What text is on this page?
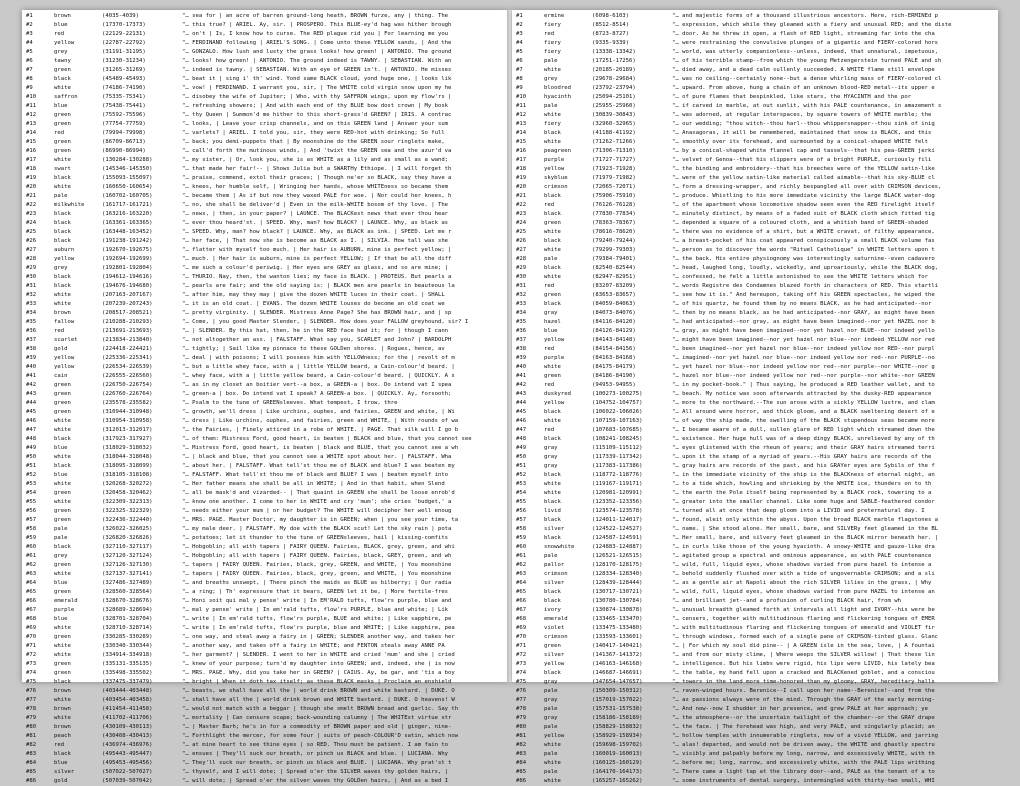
#1	brown	(4035-4039)	"… sea for | an acre of barren ground-long heath, BROWN furze, any | thing. The
#2	blue	(17370-17373)	"… this true? | ARIEL. Ay, sir. | PROSPERO. This BLUE-ey'd hag was hither brough
#3	red	(22129-22131)	"… on't | Is, I know how to curse. The RED plague rid you | For learning me you
#4	yellow	(22787-22792)	"… FERDINAND following | ARIEL'S SONG. | Come unto these YELLOW sands, | And the
#5	grey	(31191-31195)	"… GONZALO. How lush and lusty the grass looks! how green! | ANTONIO. The ground
#6	tawny	(31230-31234)	"… looks! how green! | ANTONIO. The ground indeed is TAWNY. | SEBASTIAN. With an
#7	green	(31265-31269)	"… indeed is tawny. | SEBASTIAN. With an eye of GREEN in't. | ANTONIO. He misses
#8	black	(45489-45493)	"… beat it | sing i' th' wind. Yond same BLACK cloud, yond huge one, | looks lik
#9	white	(74186-74190)	"… vow! | FERDINAND. I warrant you, sir, | The WHITE cold virgin snow upon my he
#10	saffron	(75335-75341)	"… disobey the wife of Jupiter; | Who, with thy SAFFRON wings, upon my flow'rs |
#11	blue	(75438-75441)	"… refreshing showers; | And with each end of thy BLUE bow dost crown | My bosk
#12	green	(75592-75596)	"… thy Queen | Summon'd me hither to this short-grass'd GREEN? | IRIS. A contrac
#13	green	(77754-77759)	"… looks, | Leave your crisp channels, and on this GREEN land | Answer your sum
#14	red	(79994-79998)	"… varlets? | ARIEL. I told you, sir, they were RED-hot with drinking; So full
#15	green	(86709-86713)	"… back; you demi-puppets that | By moonshine do the GREEN sour ringlets make,
#16	green	(86990-86994)	"… call'd forth the mutinous winds, | And 'twixt the GREEN sea and the azur'd va
#17	white	(130284-130288)	"… my sister, | Or, look you, she is as WHITE as a lily and as small as a wand;
#18	swart	(145346-145350)	"… that made her fair!-- | Shows Julia but a SWARTHy Ethiope. | I will forget th
#19	black	(155093-155097)	"… praise, commend, extol their graces; | Though ne'er so BLACK, say they have a
#20	white	(160650-160654)	"… knees, her humble self, | Wringing her hands, whose WHITEness so became them
#21	pale	(160702-160705)	"… became them | As if but now they waxed PALE for woe. | Nor could her knees, h
#22	milkwhite	(161717-161721)	"… no, she shall be deliver'd | Even in the milk-WHITE bosom of thy love. | The
#23	black	(163216-163220)	"… news, | then, in your paper? | LAUNCE. The BLACKest news that ever thou hear
#24	black	(163361-163365)	"… ever thou heard'st. | SPEED. Why, man? how BLACK? | LAUNCE. Why, as black as
#25	black	(163448-163452)	"… SPEED. Why, man? how black? | LAUNCE. Why, as BLACK as ink. | SPEED. Let me r
#26	black	(191238-191242)	"… her face, | That now she is become as BLACK as I. | SILVIA. How tall was she
#27	auburn	(192670-192675)	"… flatter with myself too much. | Her hair is AUBURN, mine is perfect yellow; |
#28	yellow	(192694-192699)	"… much. | Her hair is auburn, mine is perfect YELLOW; | If that be all the diff
#29	grey	(192801-192804)	"… me such a colour'd periwig. | Her eyes are GREY as glass, and so are mine; |
#30	black	(194612-194616)	"… THURIO. Nay, then, the wanton lies; my face is BLACK. | PROTEUS. But pearls a
#31	black	(194676-194680)	"… pearls are fair; and the old saying is: | BLACK men are pearls in beauteous la
#32	white	(207163-207167)	"… after him, may they may | give the dozen WHITE luces in their coat. | SHALL
#33	white	(207239-207243)	"… it is an old coat. | EVANS. The dozen WHITE louses do become an old coat we
#34	brown	(208517-208521)	"… pretty virginity. | SLENDER. Mistress Anne Page? She has BROWN hair, and | sp
#35	fallow	(210288-210293)	"… Come, | you good Master Slender, | SLENDER. How does your FALLOW greyhound, sir? I
#36	red	(213691-213693)	"… | SLENDER. By this hat, then, he in the RED face had it; for | though I cann
#37	scarlet	(213834-213840)	"… not altogether an ass. | FALSTAFF. What say you, SCARLET and John? | BARDOLPH
#38	gold	(224418-224421)	"… tightly; | Sail like my pinnace to these GOLDen shores. | Rogues, hence, av
#39	yellow	(225336-225341)	"… deal | with poisons; I will possess him with YELLOWness; for the | revolt of m
#40	yellow	(226534-226539)	"… but a little whey face, with a | little YELLOW beard, a Cain-colour'd beard. |
#41	cain	(226555-226560)	"… whey face, with a | little yellow beard, a Cain-colour'd beard. | QUICKLY. A s
#42	green	(226750-226754)	"… as in my closet an boitier vert--a box, a GREEN-a | box. Do intend vat I spea
#43	green	(226760-226764)	"… green-a | box. Do intend vat I speak? A GREEN-a box. | QUICKLY. Ay, forsooth;
#44	green	(235578-235582)	"… Psalm to the tune of GREENsleeves. What tempest, I trow, thre
#45	green	(310944-310948)	"… growth, we'll dress | Like urchins, ouphes, and fairies, GREEN and white, | Wi
#46	white	(310954-310958)	"… dress | Like urchins, ouphes, and fairies, green and WHITE, | With rounds of wa
#47	white	(312013-312017)	"… the Fairies, | Finely attired in a robe of WHITE. | PAGE. That silk will I go b
#48	black	(317923-317927)	"… of them: Mistress Ford, good heart, is beaten | BLACK and blue, that you cannot see
#49	blue	(318029-318032)	"… Mistress Ford, good heart, is beaten | black and BLUE, that you cannot see a wh
#50	white	(318044-318048)	"… | black and blue, that you cannot see a WHITE spot about her. | FALSTAFF. Wha
#51	black	(318095-318099)	"… about her. | FALSTAFF. What tell'st thou me of BLACK and blue? I was beaten my
#52	blue	(318105-318108)	"… FALSTAFF. What tell'st thou me of black and BLUE? I was | beaten myself into
#53	white	(320268-320272)	"… Her father means she shall be all in WHITE; | And in that habit, when Slend
#54	green	(320458-320462)	"… all be mask'd and vizarded-- | That quaint in GREEN she shall be loose enrob'd
#55	white	(322309-322313)	"… know one another. I come to her in WHITE and cry 'mum'; she cries 'budget,' a
#56	green	(322325-322329)	"… needs either your mum | or her budget? The WHITE will decipher her well enoug
#57	green	(322436-322440)	"… MRS. PAGE. Master Doctor, my daughter is in GREEN; when | you see your time, ta
#58	pale	(326022-326025)	"… my male deer. | FALSTAFF. My doe with the BLACK scut! Let the sky rain | pota
#59	pale	(326820-326826)	"… potatoes; let it thunder to the tune of GREENsleeves, hail | kissing-comfits
#60	black	(327110-327117)	"… Hobgoblin; all with tapers | FAIRY QUEEN. Fairies, BLACK, grey, green, and whi
#61	grey	(327120-327124)	"… Hobgoblin; all with tapers | FAIRY QUEEN. Fairies, black, GREY, green, and wh
#62	green	(327126-327130)	"… tapers | FAIRY QUEEN. Fairies, black, grey, GREEN, and WHITE, | You moonshine
#63	white	(327137-327141)	"… tapers | FAIRY QUEEN. Fairies, black, grey, green, and WHITE, | You moonshine
#64	blue	(327486-327489)	"… and breaths unswept, | There pinch the maids as BLUE as bilberry; | Our radia
#65	green	(328560-328564)	"… a ring; | Th' expressure that it bears, GREEN let it be, | More fertile-fres
#66	emerald	(328670-328676)	"… Honi soit qui mal y pense' write | In EM'RALD tufts, flow'rs purple, blue and
#67	purple	(328689-328694)	"… mal y pense' write | In em'rald tufts, flow'rs PURPLE, blue and white; | Lik
#68	blue	(328701-328704)	"… write | In em'rald tufts, flow'rs purple, BLUE and white; | Like sapphire, pe
#69	white	(328710-328714)	"… write | In em'rald tufts, flow'rs purple, blue and WHITE; | Like sapphire, pea
#70	green	(330285-330289)	"… one way, and steal away a fairy in | GREEN; SLENDER another way, and takes her
#71	white	(330340-330344)	"… another way, and takes off a fairy in WHITE; and FENTON steals away ANNE PA
#72	white	(334914-334918)	"… her garment? | SLENDER. I went to her in WHITE and cried 'mum' and she | cried
#73	green	(335131-335135)	"… knew of your purpose; turn'd my daughter into GREEN; and, indeed, she | is now
#74	green	(335498-335502)	"… MRS. PAGE. Why, did you take her in GREEN? | CAIUS. Ay, be gar, and 'tis a boy
#75	black	(337475-337479)	"… bright | When it doth tax itself; as these BLACK masks | Proclaim an enshield
#76	brown	(403444-403448)	"… beasts, we shall have all the | world drink BROWN and white bastard. | DUKE. O
#77	white	(403454-403458)	"… shall have all the | world drink brown and WHITE bastard. | DUKE. O heavens! W
#78	brown	(411454-411458)	"… would not match with a beggar | though she smelt BROWN bread and garlic. Say th
#79	white	(411702-411706)	"… mortality | Can censure scape; back-wounding calumny | The WHITEst virtue str
#80	brown	(430109-430113)	"… | Master Barh; he's in for a commodity of BROWN paper and old | ginger, nine-
#81	peach	(430408-430413)	"… Forthlight the mercer, for some four | suits of peach-COLOUR'D satin, which now
#82	red	(436974-436976)	"… at mine heart to see thine eyes | so RED. Thou must be patient. I am fain to
#83	black	(495443-495447)	"… ensues | They'll suck our breath, or pinch us BLACK and blue. | LUCIANA. Why
#84	blue	(495453-495456)	"… They'll suck our breath, or pinch us black and BLUE. | LUCIANA. Why prat'st t
#85	silver	(507022-507027)	"… thyself, and I will dote; | Spread o'er the SILVER waves thy golden hairs, |
#86	gold	(507039-507042)	"… will dote; | Spread o'er the silver waves thy GOLDen hairs, | And as a bed I
#1	ermine	(6098-6103)	"… and majestic forms of a thousand illustrious ancestors. Here, rich-ERMINEd p
#2	fiery	(8512-8514)	"… expression, which while they gleamed with a fiery and unusual RED; and the diste
#3	red	(8723-8727)	"… door. As he threw it open, a flash of RED light, streaming far into the cha
#4	fiery	(9335-9339)	"… were restraining the convulsive plunges of a gigantic and FIERY-colored hors
#5	fiery	(13338-13342)	"… world, was utterly companionless--unless, indeed, that unnatural, impetuous,
#6	pale	(17251-17256)	"… of his terrible stamp--from which the young Metzengerstein turned PALE and sh
#7	white	(20185-20189)	"… died away, and a dead calm sullenly succeeded. A WHITE flame still envelope
#8	grey	(29678-29684)	"… was no ceiling--certainly none--but a dense whirling mass of FIERY-colored cl
#9	bloodred	(23792-23794)	"… upward. From above, hung a chain of an unknown blood-RED metal--its upper e
#10	hyacinth	(25094-25101)	"… of pure flames that bespinkled, like stars, the HYACINTH and the por
#11	pale	(25955-25960)	"… if carved in marble, at out sunlit, with his PALE countenance, in amazement s
#12	white	(30839-30843)	"… was adorned, at regular interspaces, by square towers of WHITE marble; the
#13	fiery	(32960-32965)	"… our wedding; "thou witch--thou harl--thou whippersnapper--thou sink of inig
#14	black	(41188-41192)	"… Anaxagoras, it will be remembered, maintained that snow is BLACK, and this
#15	white	(71262-71266)	"… smoothly over its forehead, and surmounted by a conical-shaped WHITE felt
#16	peagreen	(71306-71310)	"… by a conical-shaped white flannel cap and tassels--that his pea-GREEN jerki
#17	purple	(71727-71727)	"… velvet of Genoa--that his slippers were of a bright PURPLE, curiously fili
#18	yellow	(71923-71928)	"… the binding and embroidery--that his breeches were of the YELLOW satin-like
#19	skyblue	(71979-71982)	"… were of the yellow satin-like material called aimable--that his sky-BLUE cl
#20	crimson	(72065-72071)	"… form a dressing-wrapper, and richly bespangled all over with CRIMSON devices,
#21	black	(75906-75910)	"… produce. Whistling to his more immediate vicinity the large BLACK water-dog
#22	red	(76126-76128)	"… of the apartment whose locomotive shadow seen even the RED firelight itself
#23	black	(77830-77834)	"… minutely distinct, by means of a faded suit of BLACK cloth which fitted tig
#24	green	(78363-78367)	"… depended a square of a coloured cloth, and a whitish band of GREEN-shaded
#25	white	(78616-78620)	"… there was no evidence of a shirt, but a WHITE cravat, of filthy appearance,
#26	black	(79240-79244)	"… a breast-pocket of his coat appeared conspicuously a small BLACK volume fas
#27	white	(79299-79303)	"… person as to discover the words "Rituel Catholique" in WHITE letters upon t
#28	pale	(79384-79401)	"… the back. His entire physiognomy was interestingly saturnine--even cadavero
#29	black	(82540-82544)	"… head, laughed long, loudly, wickedly, and uproariously, while the BLACK dog,
#30	white	(82947-82951)	"… confessed, he felt a little astonished to see the WHITE letters which for
#31	red	(83207-83209)	"… words Registre des Condamnes blazed forth in characters of RED. This startli
#32	green	(83653-83657)	"… see how it is." And hereupon, taking off his GREEN spectacles, he wiped the
#33	black	(84059-84063)	"… of his quartz, he found them by no means BLACK, as he had anticipated--nor
#34	gray	(84073-84076)	"… then by no means black, as he had anticipated--nor GRAY, as might have been
#35	hazel	(84116-84120)	"… had anticipated--nor gray, as might have been imagined--nor yet HAZEL nor b
#36	blue	(84126-84129)	"… gray, as might have been imagined--nor yet hazel nor BLUE--nor indeed yello
#37	yellow	(84143-84148)	"… might have been imagined--nor yet hazel nor blue--nor indeed YELLOW nor red
#38	red	(84154-84156)	"… been imagined--nor yet hazel nor blue--nor indeed yellow nor RED--nor purpl
#39	purple	(84163-84168)	"… imagined--nor yet hazel nor blue--nor indeed yellow nor red--nor PURPLE--no
#40	white	(84175-84179)	"… yet hazel nor blue--nor indeed yellow nor red--nor purple--nor WHITE--nor g
#41	green	(84186-84190)	"… hazel nor blue--nor indeed yellow nor red--nor purple--nor white--nor GREEN
#42	red	(94953-94955)	"… in my pocket-book." | Thus saying, he produced a RED leather wallet, and to
#43	duskyred	(100273-100275)	"… beach. My notice was soon afterwards attracted by the dusky-RED appearance
#44	yellow	(104752-104757)	"… more to the northward.--The sun arose with a sickly YELLOW lustre, and clam
#45	black	(106022-106026)	"… All around were horror, and thick gloom, and a BLACK sweltering desert of e
#46	white	(107159-107163)	"… of way the ship made, the swelling of the BLACK stupendous seas became more
#47	red	(107683-107685)	"… I became aware of a dull, sullen glare of RED light which streamed down the
#48	black	(108241-108245)	"… existence. Her huge hull was of a deep dingy BLACK, unrelieved by any of th
#49	gray	(115109-115112)	"… eyes glistened with the rheum of years; and their GRAY hairs streamed terri
#50	gray	(117339-117342)	"… upon it the stamp of a myriad of years.--His GRAY hairs are records of the
#51	gray	(117383-117386)	"… gray hairs are records of the past, and his GRAYer eyes are Sybils of the f
#52	black	(118772-118776)	"… in the immediate vicinity of the ship is the BLACKness of eternal night, an
#53	white	(119167-119171)	"… to a tide which, howling and shrieking by the WHITE ice, thunders on to th
#54	white	(120981-120991)	"… the earth the Pole itself being represented by a BLACK rock, towering to a
#55	black	(123352-123356)	"… greater into the smaller channel. Like some huge and SABLE-feathered condor
#56	livid	(123574-123578)	"… turned all at once that deep gloom into a LIVID and preternatural day. I
#57	black	(124011-124017)	"… found, aleit only within the abyss. Upon the broad BLACK marble flagstones a
#58	silver	(124522-124527)	"… name. | She stood alone. Her small, bare, and SILVERy feet gleamed in the BL
#59	black	(124587-124591)	"… Her small, bare, and silvery feet gleamed in the BLACK mirror beneath her. |
#60	snowwhite	(124883-124887)	"… in curls like those of the young hyacinth. A snowy-WHITE and gauze-like dra
#61	pale	(126521-126515)	"… agitated group a spectral and ominous appearance, as with PALE countenance
#62	pallor	(128170-128175)	"… wild, full, liquid eyes, whose shadows varied from pure hazel to intense a
#63	crimson	(128334-128340)	"… behold suddenly flushed over with a tide of ungovernable CRIMSON; and a sli
#64	silver	(128439-128444)	"… as a gentle air at Napoli about the rich SILVER lilies in the grass, | Why
#65	black	(130717-130721)	"… wild, full, liquid eyes, whose shadows varied from pure HAZEL to intense an
#66	black	(130780-130784)	"… and brilliant jet--and a profusion of curling BLACK hair, from wh
#67	ivory	(130874-130878)	"… unusual breadth gleamed forth at intervals all light and IVORY--his were be
#68	emerald	(133465-133470)	"… censers, together with multitudinous flaring and flickering tongues of EMER
#69	violet	(133475-133480)	"… with multitudinous flaring and flickering tongues of emerald and VIOLET fir
#70	crimson	(133593-133601)	"… through windows, formed each of a single pane of CRIMSON-tinted glass. Glanc
#71	green	(140417-140421)	"… | For which my soul did pine-- | A GREEN isle in the sea, love, | A fountai
#72	silver	(141367-141372)	"… and from our misty clime, | Where weeps the SILVER willow! | That these lin
#73	yellow	(146163-146168)	"… intelligence. But his limbs were rigid, his lips were LIVID, his lately bea
#74	black	(146687-146691)	"… the table, my hand fell upon a cracked and BLACKened goblet, and a consciou
#75	gray	(147654-147657)	"… towers in the land more time-honored than my gloomy, GRAY, hereditary halls
#76	pale	(150309-150312)	"… raven-winged hours. Berenice--I call upon her name--Berenice!--and from the
#77	gray	(157019-157022)	"… as passions always were of the mind. Through the GRAY of the early morning-
#78	pale	(157531-157538)	"… And now--now I shudder in her presence, and grew PALE at her approach; ye
#79	gray	(158186-158189)	"… the atmosphere--or the uncertain twilight of the chamber--or the GRAY drape
#80	pale	(158829-158832)	"… the face. | The forehead was high, and very PALE, and singularly placid; an
#81	yellow	(158929-158934)	"… hollow temples with innumerable ringlets, now of a vivid YELLOW, and jarring
#82	white	(159698-159702)	"… alas! departed, and would not be driven away, the WHITE and ghastly spectru
#83	pale	(160019-160013)	"… visibly and palpably before my long, narrow, and excessively WHITE, with th
#84	white	(160125-160129)	"… before me; long, narrow, and excessively white, with the PALE lips writhing
#85	pale	(164170-164173)	"… There came a light tap at the library door--and, PALE as the tenant of a to
#86	white	(165257-165262)	"… some instruments of dental surgery, intermingled with thirty-two small, WHI
